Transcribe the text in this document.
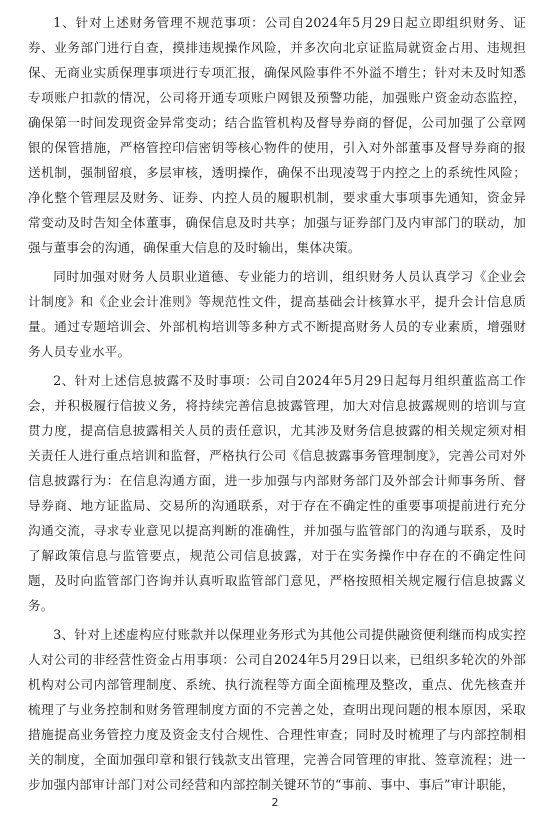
1、针对上述财务管理不规范事项：公司自2024年5月29日起立即组织财务、证券、业务部门进行自查，摸排违规操作风险，并多次向北京证监局就资金占用、违规担保、无商业实质保理事项进行专项汇报，确保风险事件不外溢不增生；针对未及时知悉专项账户扣款的情况，公司将开通专项账户网银及预警功能，加强账户资金动态监控，确保第一时间发现资金异常变动；结合监管机构及督导券商的督促，公司加强了公章网银的保管措施，严格管控印信密钥等核心物件的使用，引入对外部董事及督导券商的报送机制，强制留痕，多层审核，透明操作，确保不出现凌驾于内控之上的系统性风险；净化整个管理层及财务、证券、内控人员的履职机制，要求重大事项事先通知，资金异常变动及时告知全体董事，确保信息及时共享；加强与证券部门及内审部门的联动，加强与董事会的沟通，确保重大信息的及时输出，集体决策。

同时加强对财务人员职业道德、专业能力的培训，组织财务人员认真学习《企业会计制度》和《企业会计准则》等规范性文件，提高基础会计核算水平，提升会计信息质量。通过专题培训会、外部机构培训等多种方式不断提高财务人员的专业素质，增强财务人员专业水平。

2、针对上述信息披露不及时事项：公司自2024年5月29日起每月组织董监高工作会，并积极履行信披义务，将持续完善信息披露管理，加大对信息披露规则的培训与宣贯力度，提高信息披露相关人员的责任意识，尤其涉及财务信息披露的相关规定须对相关责任人进行重点培训和监督，严格执行公司《信息披露事务管理制度》，完善公司对外信息披露行为：在信息沟通方面，进一步加强与内部财务部门及外部会计师事务所、督导券商、地方证监局、交易所的沟通联系，对于存在不确定性的重要事项提前进行充分沟通交流，寻求专业意见以提高判断的准确性，并加强与监管部门的沟通与联系，及时了解政策信息与监管要点，规范公司信息披露，对于在实务操作中存在的不确定性问题，及时向监管部门咨询并认真听取监管部门意见，严格按照相关规定履行信息披露义务。

3、针对上述虚构应付账款并以保理业务形式为其他公司提供融资便利继而构成实控人对公司的非经营性资金占用事项：公司自2024年5月29日以来，已组织多轮次的外部机构对公司内部管理制度、系统、执行流程等方面全面梳理及整改，重点、优先核查并梳理了与业务控制和财务管理制度方面的不完善之处，查明出现问题的根本原因，采取措施提高业务管控力度及资金支付合规性、合理性审查；同时及时梳理了与内部控制相关的制度，全面加强印章和银行钱款支出管理，完善合同管理的审批、签章流程；进一步加强内部审计部门对公司经营和内部控制关键环节的“事前、事中、事后”审计职能，

2
